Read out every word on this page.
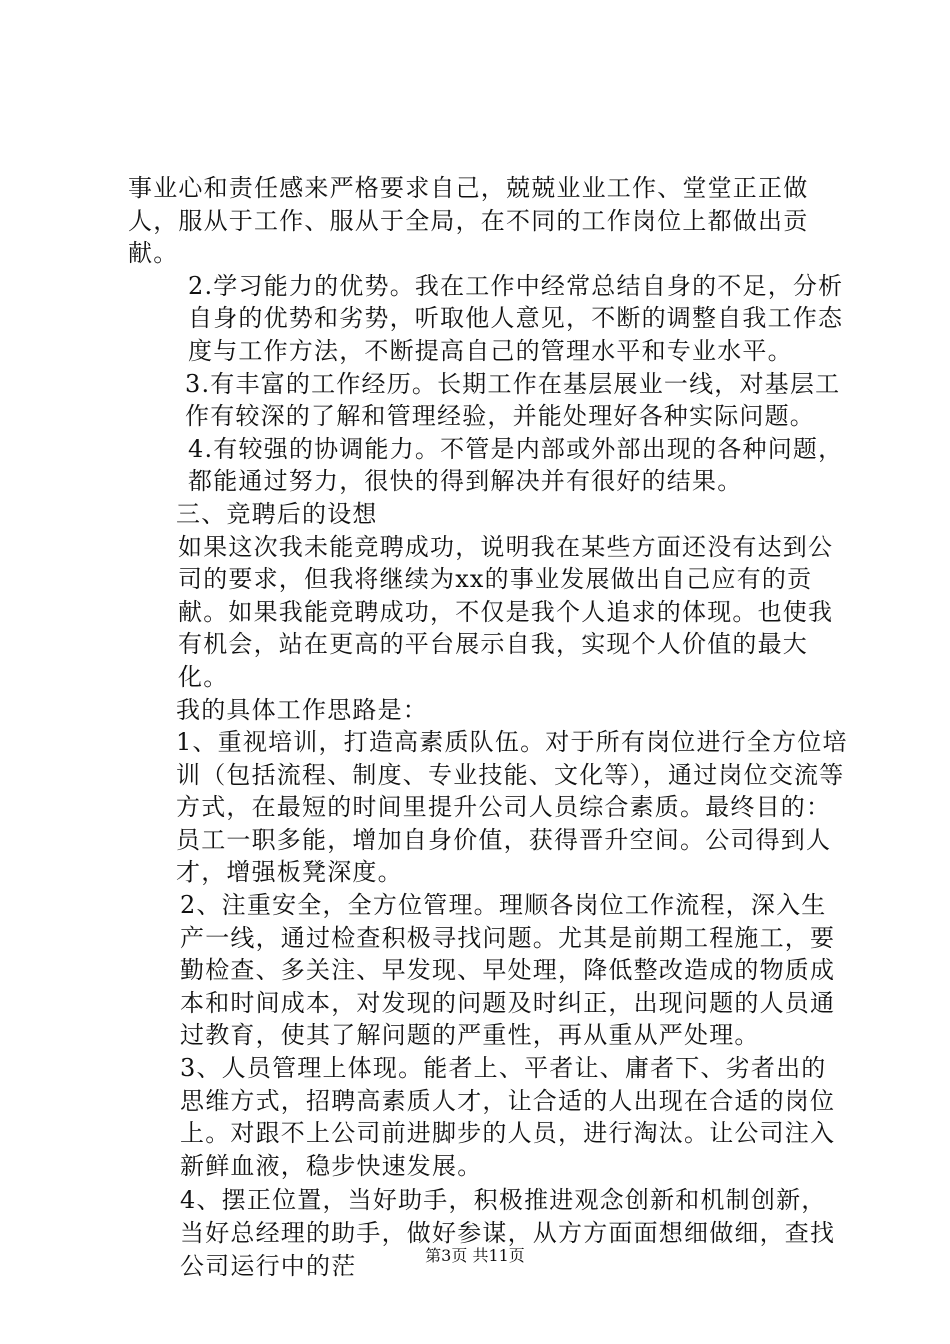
事业心和责任感来严格要求自己，兢兢业业工作、堂堂正正做人，服从于工作、服从于全局，在不同的工作岗位上都做出贡献。

2.学习能力的优势。我在工作中经常总结自身的不足，分析自身的优势和劣势，听取他人意见，不断的调整自我工作态度与工作方法，不断提高自己的管理水平和专业水平。

3.有丰富的工作经历。长期工作在基层展业一线，对基层工作有较深的了解和管理经验，并能处理好各种实际问题。

4.有较强的协调能力。不管是内部或外部出现的各种问题，都能通过努力，很快的得到解决并有很好的结果。

三、竞聘后的设想

如果这次我未能竞聘成功，说明我在某些方面还没有达到公司的要求，但我将继续为xx的事业发展做出自己应有的贡献。如果我能竞聘成功，不仅是我个人追求的体现。也使我有机会，站在更高的平台展示自我，实现个人价值的最大化。

我的具体工作思路是：

1、重视培训，打造高素质队伍。对于所有岗位进行全方位培训（包括流程、制度、专业技能、文化等），通过岗位交流等方式，在最短的时间里提升公司人员综合素质。最终目的：员工一职多能，增加自身价值，获得晋升空间。公司得到人才，增强板凳深度。

2、注重安全，全方位管理。理顺各岗位工作流程，深入生产一线，通过检查积极寻找问题。尤其是前期工程施工，要勤检查、多关注、早发现、早处理，降低整改造成的物质成本和时间成本，对发现的问题及时纠正，出现问题的人员通过教育，使其了解问题的严重性，再从重从严处理。

3、人员管理上体现。能者上、平者让、庸者下、劣者出的思维方式，招聘高素质人才，让合适的人出现在合适的岗位上。对跟不上公司前进脚步的人员，进行淘汰。让公司注入新鲜血液，稳步快速发展。

4、摆正位置，当好助手，积极推进观念创新和机制创新，当好总经理的助手，做好参谋，从方方面面想细做细，查找公司运行中的茫	第3页 共11页
